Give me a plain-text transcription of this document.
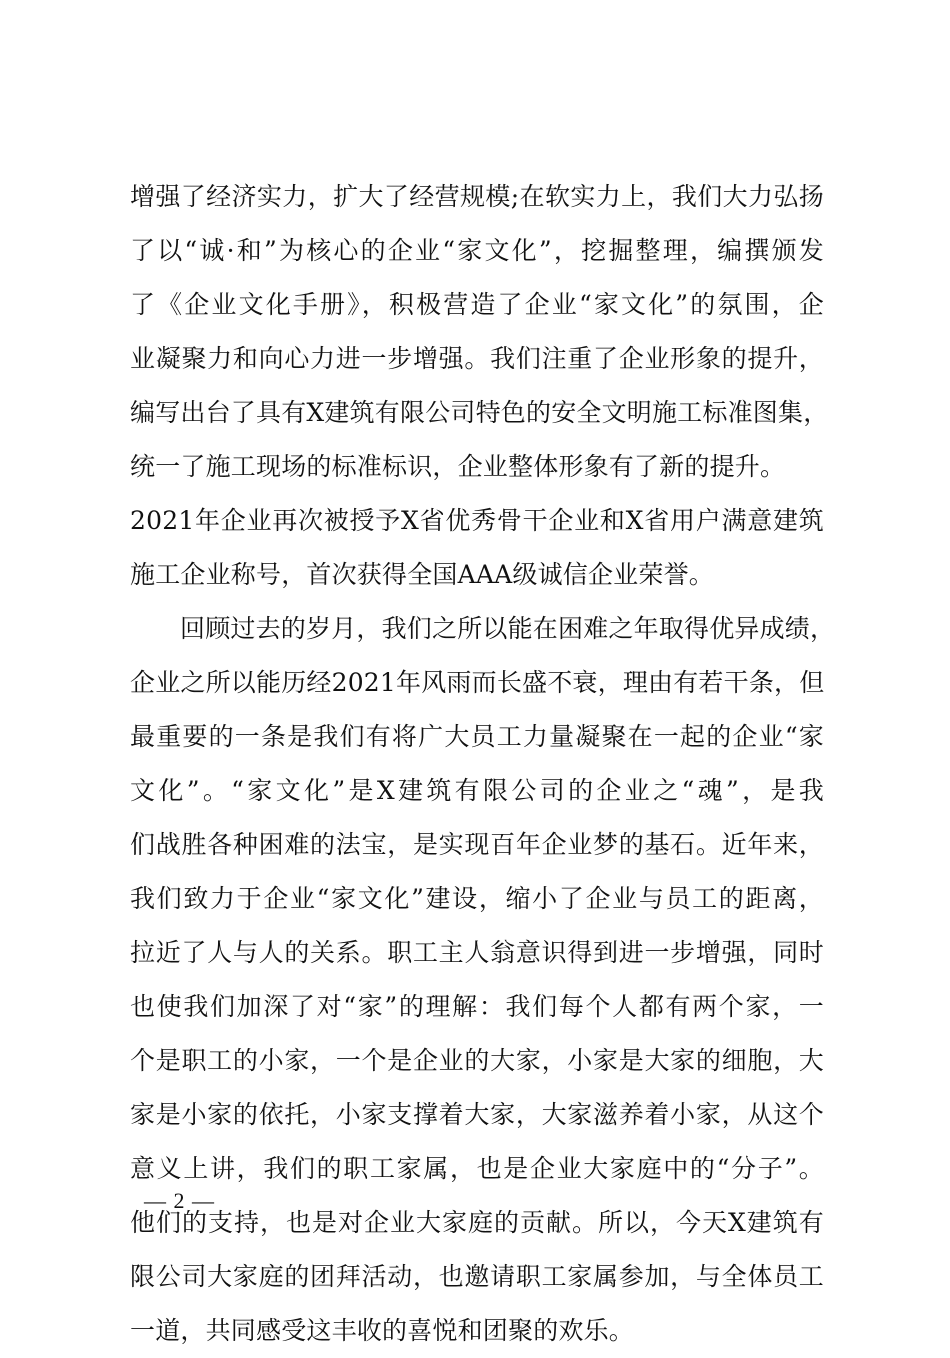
增强了经济实力，扩大了经营规模;在软实力上，我们大力弘扬
了以“诚·和”为核心的企业“家文化”，挖掘整理，编撰颁发
了《企业文化手册》，积极营造了企业“家文化”的氛围，企
业凝聚力和向心力进一步增强。我们注重了企业形象的提升，
编写出台了具有X建筑有限公司特色的安全文明施工标准图集，
统一了施工现场的标准标识，企业整体形象有了新的提升。
2021年企业再次被授予X省优秀骨干企业和X省用户满意建筑
施工企业称号，首次获得全国AAA级诚信企业荣誉。
回顾过去的岁月，我们之所以能在困难之年取得优异成绩，
企业之所以能历经2021年风雨而长盛不衰，理由有若干条，但
最重要的一条是我们有将广大员工力量凝聚在一起的企业“家
文化”。“家文化”是X建筑有限公司的企业之“魂”，是我
们战胜各种困难的法宝，是实现百年企业梦的基石。近年来，
我们致力于企业“家文化”建设，缩小了企业与员工的距离，
拉近了人与人的关系。职工主人翁意识得到进一步增强，同时
也使我们加深了对“家”的理解：我们每个人都有两个家，一
个是职工的小家，一个是企业的大家，小家是大家的细胞，大
家是小家的依托，小家支撑着大家，大家滋养着小家，从这个
意义上讲，我们的职工家属，也是企业大家庭中的“分子”。
他们的支持，也是对企业大家庭的贡献。所以，今天X建筑有
限公司大家庭的团拜活动，也邀请职工家属参加，与全体员工
一道，共同感受这丰收的喜悦和团聚的欢乐。
— 2 —
